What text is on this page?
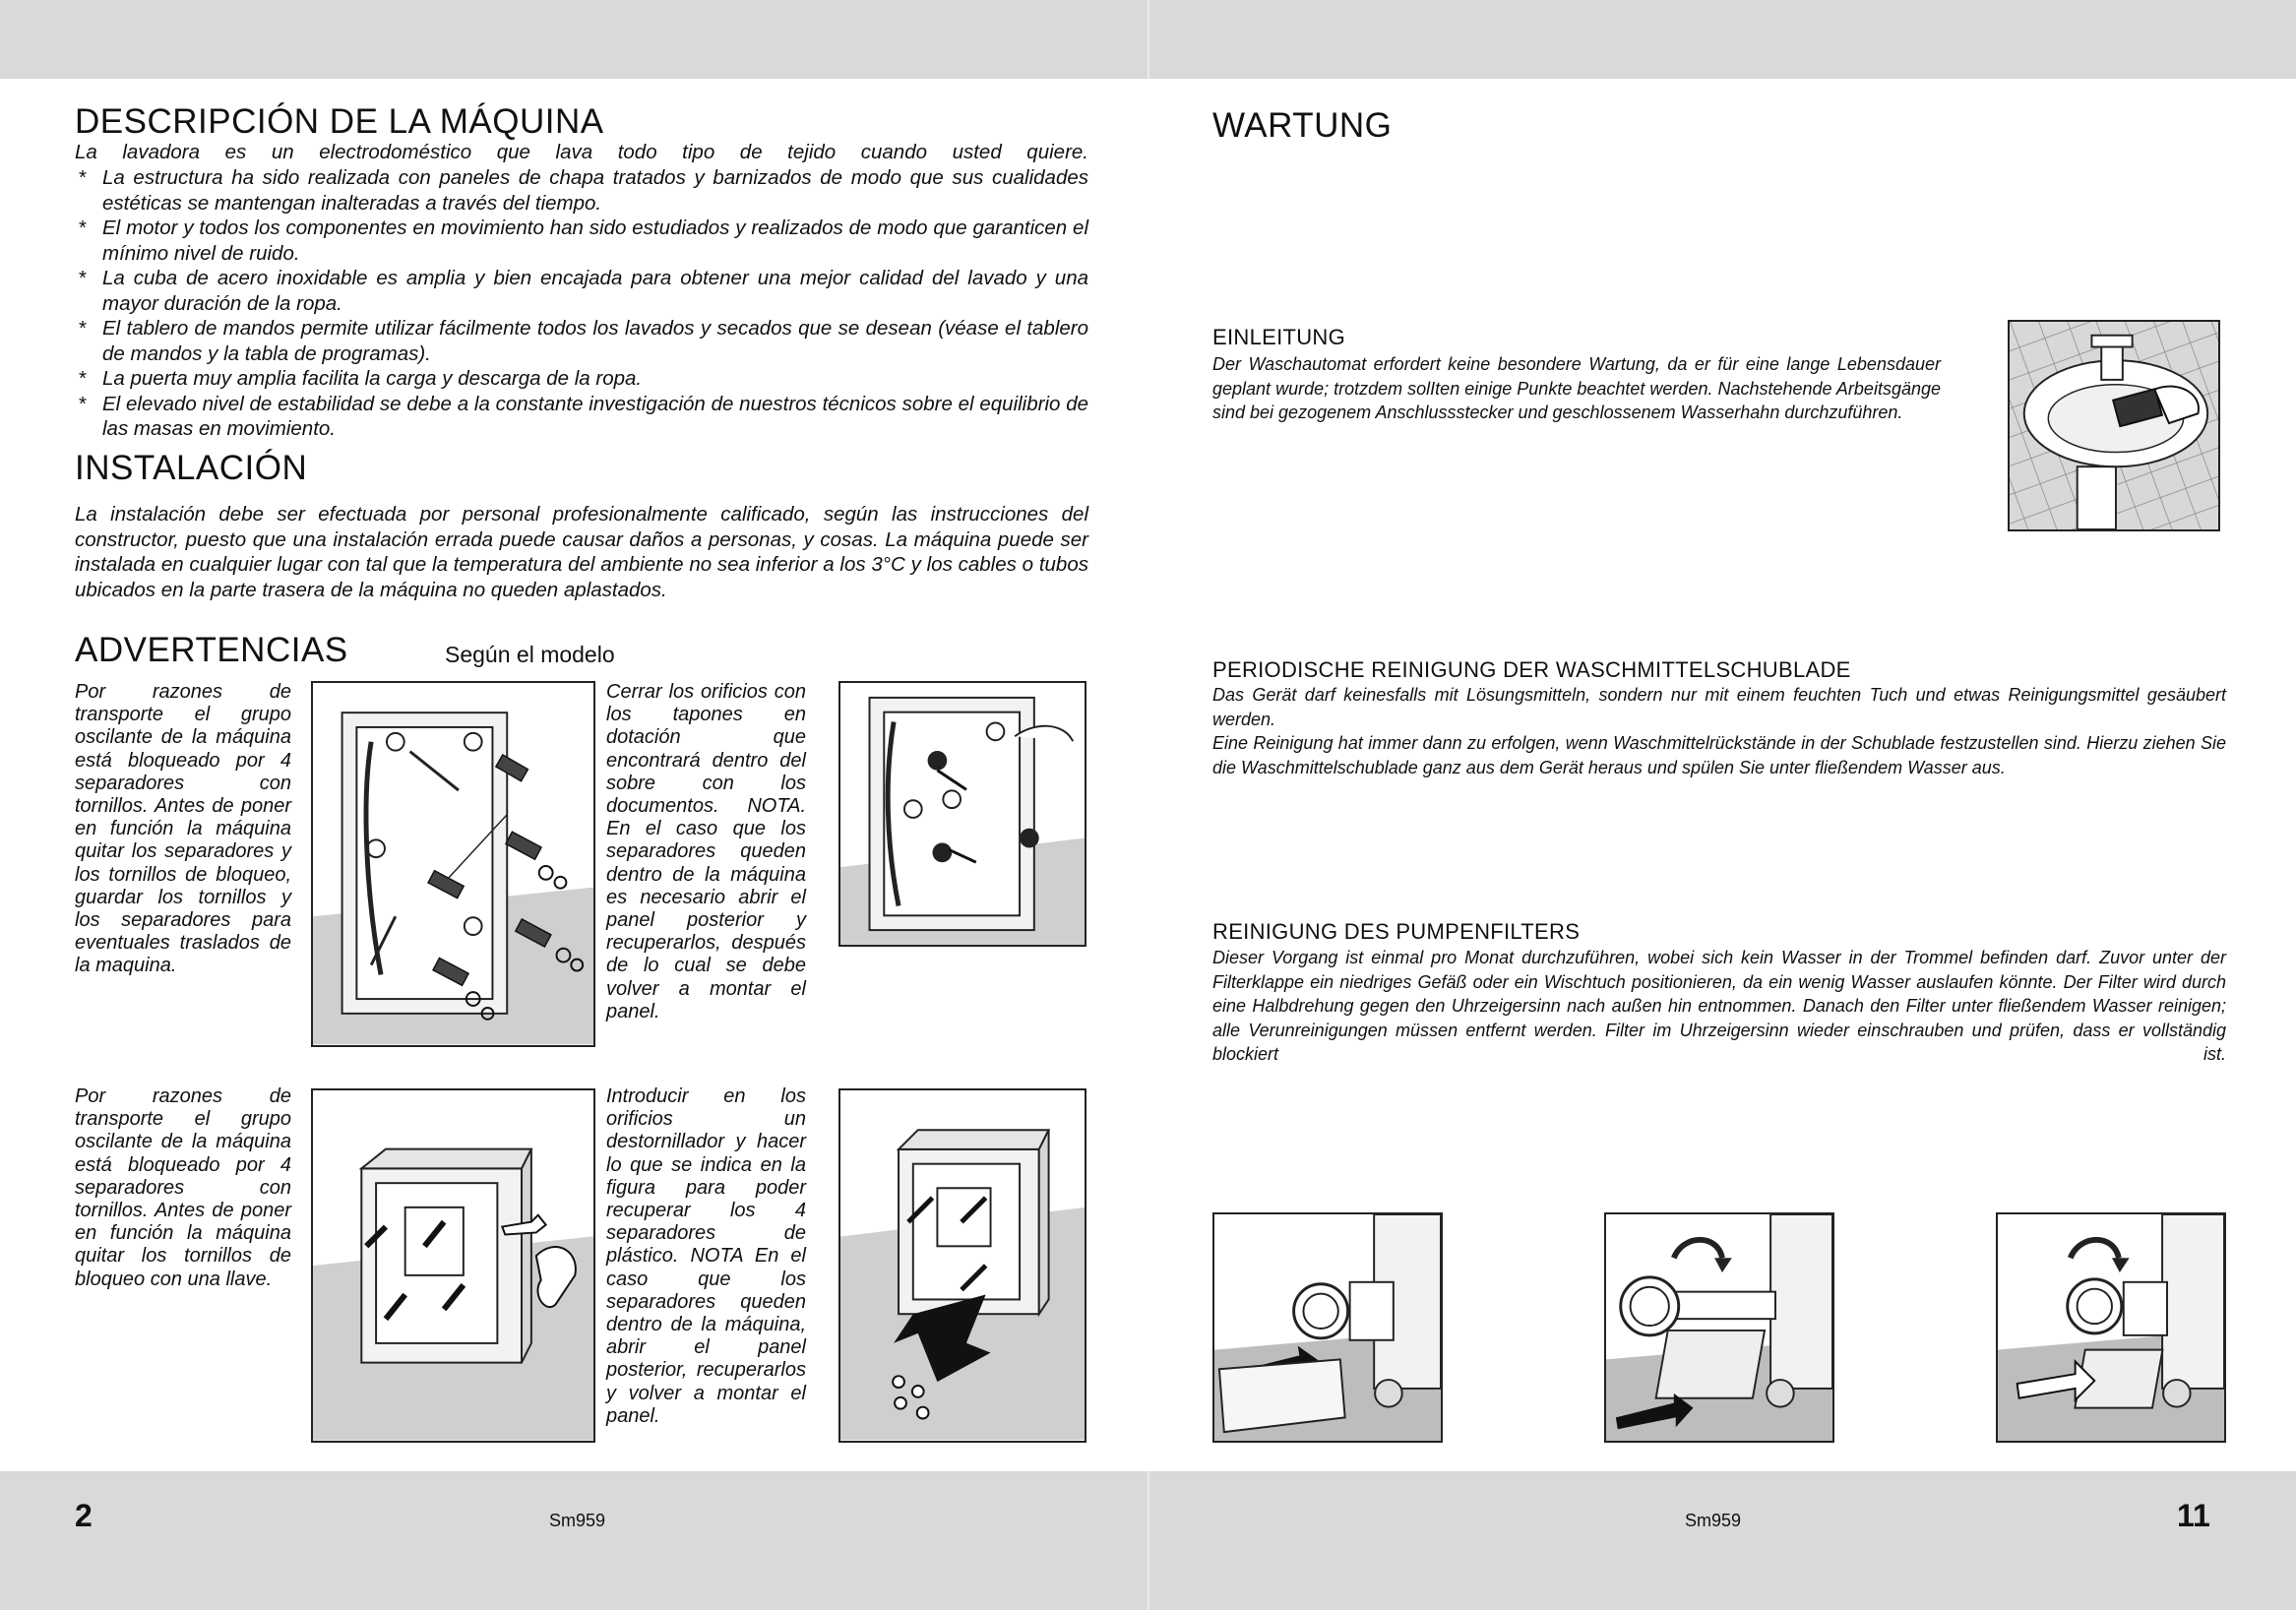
DESCRIPCIÓN DE LA MÁQUINA
La lavadora es un electrodoméstico que lava todo tipo de tejido cuando usted quiere.
* La estructura ha sido realizada con paneles de chapa tratados y barnizados de modo que sus cualidades estéticas se mantengan inalteradas a través del tiempo.
* El motor y todos los componentes en movimiento han sido estudiados y realizados de modo que garanticen el mínimo nivel de ruido.
* La cuba de acero inoxidable es amplia y bien encajada para obtener una mejor calidad del lavado y una mayor duración de la ropa.
* El tablero de mandos permite utilizar fácilmente todos los lavados y secados que se desean (véase el tablero de mandos y la tabla de programas).
* La puerta muy amplia facilita la carga y descarga de la ropa.
* El elevado nivel de estabilidad se debe a la constante investigación de nuestros técnicos sobre el equilibrio de las masas en movimiento.
INSTALACIÓN
La instalación debe ser efectuada por personal profesionalmente calificado, según las instrucciones del constructor, puesto que una instalación errada puede causar daños a personas, y cosas. La máquina puede ser instalada en cualquier lugar con tal que la temperatura del ambiente no sea inferior a los 3°C y los cables o tubos ubicados en la parte trasera de la máquina no queden aplastados.
ADVERTENCIAS	Según el modelo
Por razones de transporte el grupo oscilante de la máquina está bloqueado por 4 separadores con tornillos. Antes de poner en función la máquina quitar los separadores y los tornillos de bloqueo, guardar los tornillos y los separadores para eventuales traslados de la maquina.
Cerrar los orificios con los tapones en dotación que encontrará dentro del sobre con los documentos. NOTA. En el caso que los separadores queden dentro de la máquina es necesario abrir el panel posterior y recuperarlos, después de lo cual se debe volver a montar el panel.
Por razones de transporte el grupo oscilante de la máquina está bloqueado por 4 separadores con tornillos. Antes de poner en función la máquina quitar los tornillos de bloqueo con una llave.
Introducir en los orificios un destornillador y hacer lo que se indica en la figura para poder recuperar los 4 separadores de plástico. NOTA En el caso que los separadores queden dentro de la máquina, abrir el panel posterior, recuperarlos y volver a montar el panel.
2	Sm959
WARTUNG
EINLEITUNG
Der Waschautomat erfordert keine besondere Wartung, da er für eine lange Lebensdauer geplant wurde; trotzdem solIten einige Punkte beachtet werden. Nachstehende Arbeitsgänge sind bei gezogenem Anschlussstecker und geschlossenem Wasserhahn durchzuführen.
PERIODISCHE REINIGUNG DER WASCHMITTELSCHUBLADE
Das Gerät darf keinesfalls mit Lösungsmitteln, sondern nur mit einem feuchten Tuch und etwas Reinigungsmittel gesäubert werden.
Eine Reinigung hat immer dann zu erfolgen, wenn Waschmittelrückstände in der Schublade festzustellen sind. Hierzu ziehen Sie die Waschmittelschublade ganz aus dem Gerät heraus und spülen Sie unter fließendem Wasser aus.
REINIGUNG DES PUMPENFILTERS
Dieser Vorgang ist einmal pro Monat durchzuführen, wobei sich kein Wasser in der Trommel befinden darf. Zuvor unter der Filterklappe ein niedriges Gefäß oder ein Wischtuch positionieren, da ein wenig Wasser auslaufen könnte. Der Filter wird durch eine Halbdrehung gegen den Uhrzeigersinn nach außen hin entnommen. Danach den Filter unter fließendem Wasser reinigen; alle Verunreinigungen müssen entfernt werden. Filter im Uhrzeigersinn wieder einschrauben und prüfen, dass er vollständig blockiert ist.
Sm959	11
